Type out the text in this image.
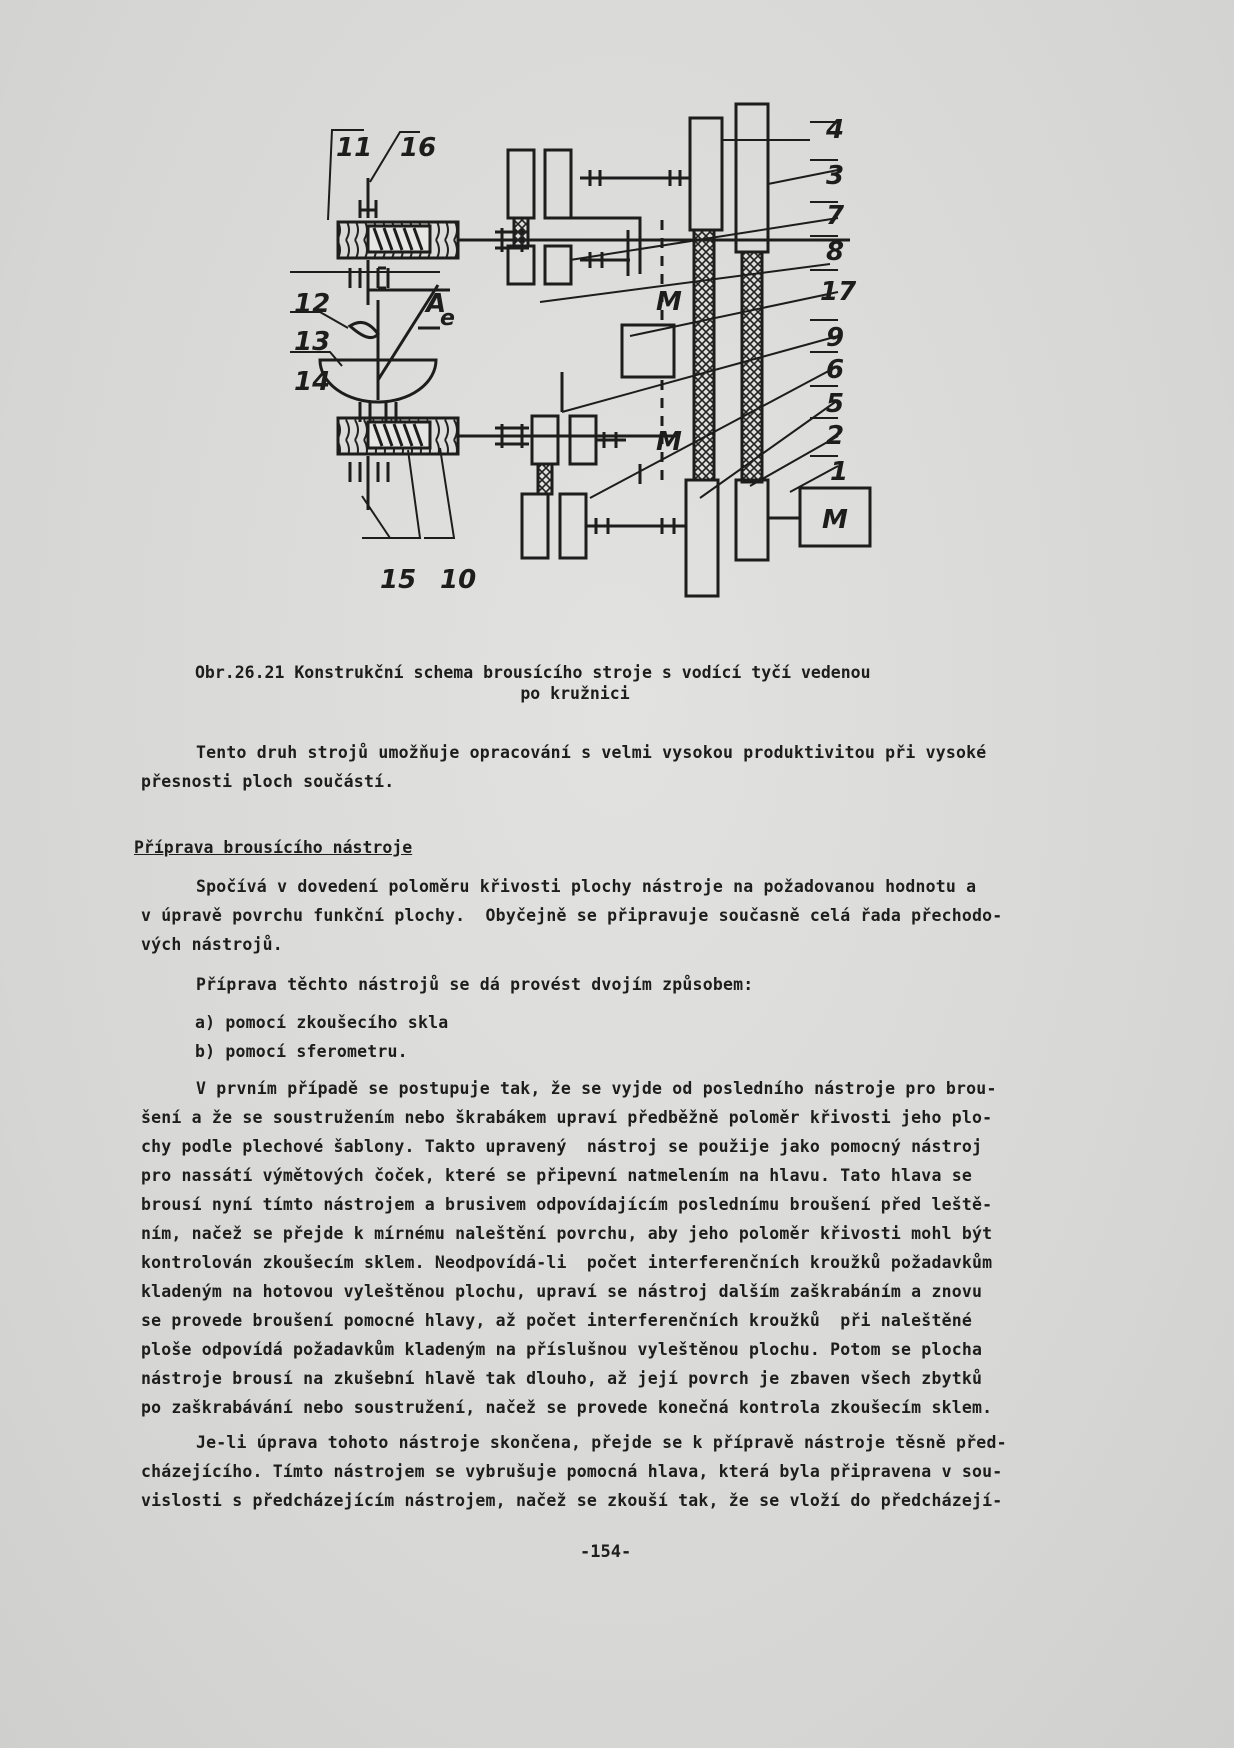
11 16
12
13
14
15 10
A
e
4
3
7
8
17
9
6
5
2
1
M
M
M
Obr.26.21 Konstrukční schema brousícího stroje s vodící tyčí vedenou
po kružnici
Tento druh strojů umožňuje opracování s velmi vysokou produktivitou při vysoké
přesnosti ploch součástí.
Příprava brousícího nástroje
Spočívá v dovedení poloměru křivosti plochy nástroje na požadovanou hodnotu a
v úpravě povrchu funkční plochy.  Obyčejně se připravuje současně celá řada přechodo-
vých nástrojů.
Příprava těchto nástrojů se dá provést dvojím způsobem:
a) pomocí zkoušecího skla
b) pomocí sferometru.
V prvním případě se postupuje tak, že se vyjde od posledního nástroje pro brou-
šení a že se soustružením nebo škrabákem upraví předběžně poloměr křivosti jeho plo-
chy podle plechové šablony. Takto upravený  nástroj se použije jako pomocný nástroj
pro nassátí výmětových čoček, které se připevní natmelením na hlavu. Tato hlava se
brousí nyní tímto nástrojem a brusivem odpovídajícím poslednímu broušení před leště-
ním, načež se přejde k mírnému naleštění povrchu, aby jeho poloměr křivosti mohl být
kontrolován zkoušecím sklem. Neodpovídá-li  počet interferenčních kroužků požadavkům
kladeným na hotovou vyleštěnou plochu, upraví se nástroj dalším zaškrabáním a znovu
se provede broušení pomocné hlavy, až počet interferenčních kroužků  při naleštěné
ploše odpovídá požadavkům kladeným na příslušnou vyleštěnou plochu. Potom se plocha
nástroje brousí na zkušební hlavě tak dlouho, až její povrch je zbaven všech zbytků
po zaškrabávání nebo soustružení, načež se provede konečná kontrola zkoušecím sklem.
Je-li úprava tohoto nástroje skončena, přejde se k přípravě nástroje těsně před-
cházejícího. Tímto nástrojem se vybrušuje pomocná hlava, která byla připravena v sou-
vislosti s předcházejícím nástrojem, načež se zkouší tak, že se vloží do předcházejí-
-154-
